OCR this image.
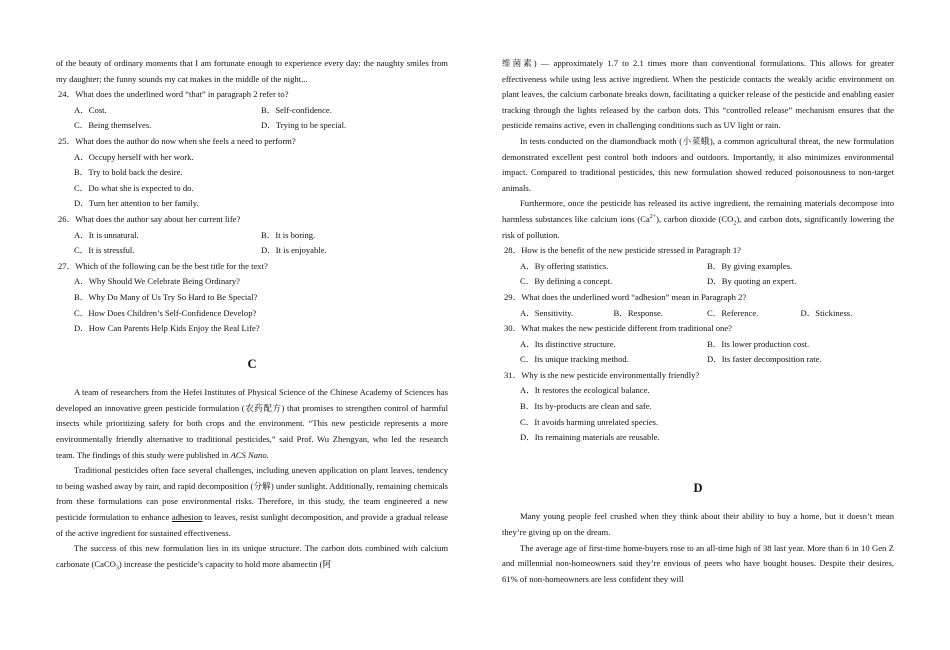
of the beauty of ordinary moments that I am fortunate enough to experience every day: the naughty smiles from my daughter; the funny sounds my cat makes in the middle of the night...

24．What does the underlined word “that” in paragraph 2 refer to?

A．Cost.	B．Self-confidence.
C．Being themselves.	D．Trying to be special.

25．What does the author do now when she feels a need to perform?

A．Occupy herself with her work.
B．Try to hold back the desire.
C．Do what she is expected to do.
D．Turn her attention to her family.

26．What does the author say about her current life?

A．It is unnatural.	B．It is boring.
C．It is stressful.	D．It is enjoyable.

27．Which of the following can be the best title for the text?

A．Why Should We Celebrate Being Ordinary?
B．Why Do Many of Us Try So Hard to Be Special?
C．How Does Children’s Self-Confidence Develop?
D．How Can Parents Help Kids Enjoy the Real Life?
C

A team of researchers from the Hefei Institutes of Physical Science of the Chinese Academy of Sciences has developed an innovative green pesticide formulation (农药配方) that promises to strengthen control of harmful insects while prioritizing safety for both crops and the environment. “This new pesticide represents a more environmentally friendly alternative to traditional pesticides,” said Prof. Wu Zhengyan, who led the research team. The findings of this study were published in ACS Nano.

Traditional pesticides often face several challenges, including uneven application on plant leaves, tendency to being washed away by rain, and rapid decomposition (分解) under sunlight. Additionally, remaining chemicals from these formulations can pose environmental risks. Therefore, in this study, the team engineered a new pesticide formulation to enhance adhesion to leaves, resist sunlight decomposition, and provide a gradual release of the active ingredient for sustained effectiveness.

The success of this new formulation lies in its unique structure. The carbon dots combined with calcium carbonate (CaCO$_3$) increase the pesticide’s capacity to hold more abamectin (阿

维菌素) — approximately 1.7 to 2.1 times more than conventional formulations. This allows for greater effectiveness while using less active ingredient. When the pesticide contacts the weakly acidic environment on plant leaves, the calcium carbonate breaks down, facilitating a quicker release of the pesticide and enabling easier tracking through the lights released by the carbon dots. This “controlled release” mechanism ensures that the pesticide remains active, even in challenging conditions such as UV light or rain.

In tests conducted on the diamondback moth (小菜蛾), a common agricultural threat, the new formulation demonstrated excellent pest control both indoors and outdoors. Importantly, it also minimizes environmental impact. Compared to traditional pesticides, this new formulation showed reduced poisonousness to non-target animals.

Furthermore, once the pesticide has released its active ingredient, the remaining materials decompose into harmless substances like calcium ions $(Ca^{2+})$, carbon dioxide $(CO_2)$, and carbon dots, significantly lowering the risk of pollution.

28．How is the benefit of the new pesticide stressed in Paragraph 1?

A．By offering statistics.	B．By giving examples.
C．By defining a concept.	D．By quoting an expert.

29．What does the underlined word “adhesion” mean in Paragraph 2?

A．Sensitivity.	B．Response.	C．Reference.	D．Stickiness.

30．What makes the new pesticide different from traditional one?

A．Its distinctive structure.	B．Its lower production cost.
C．Its unique tracking method.	D．Its faster decomposition rate.

31．Why is the new pesticide environmentally friendly?

A．It restores the ecological balance.
B．Its by-products are clean and safe.
C．It avoids harming unrelated species.
D．Its remaining materials are reusable.
D

Many young people feel crushed when they think about their ability to buy a home, but it doesn’t mean they’re giving up on the dream.

The average age of first-time home-buyers rose to an all-time high of 38 last year. More than 6 in 10 Gen Z and millennial non-homeowners said they’re envious of peers who have bought houses. Despite their desires, 61% of non-homeowners are less confident they will
